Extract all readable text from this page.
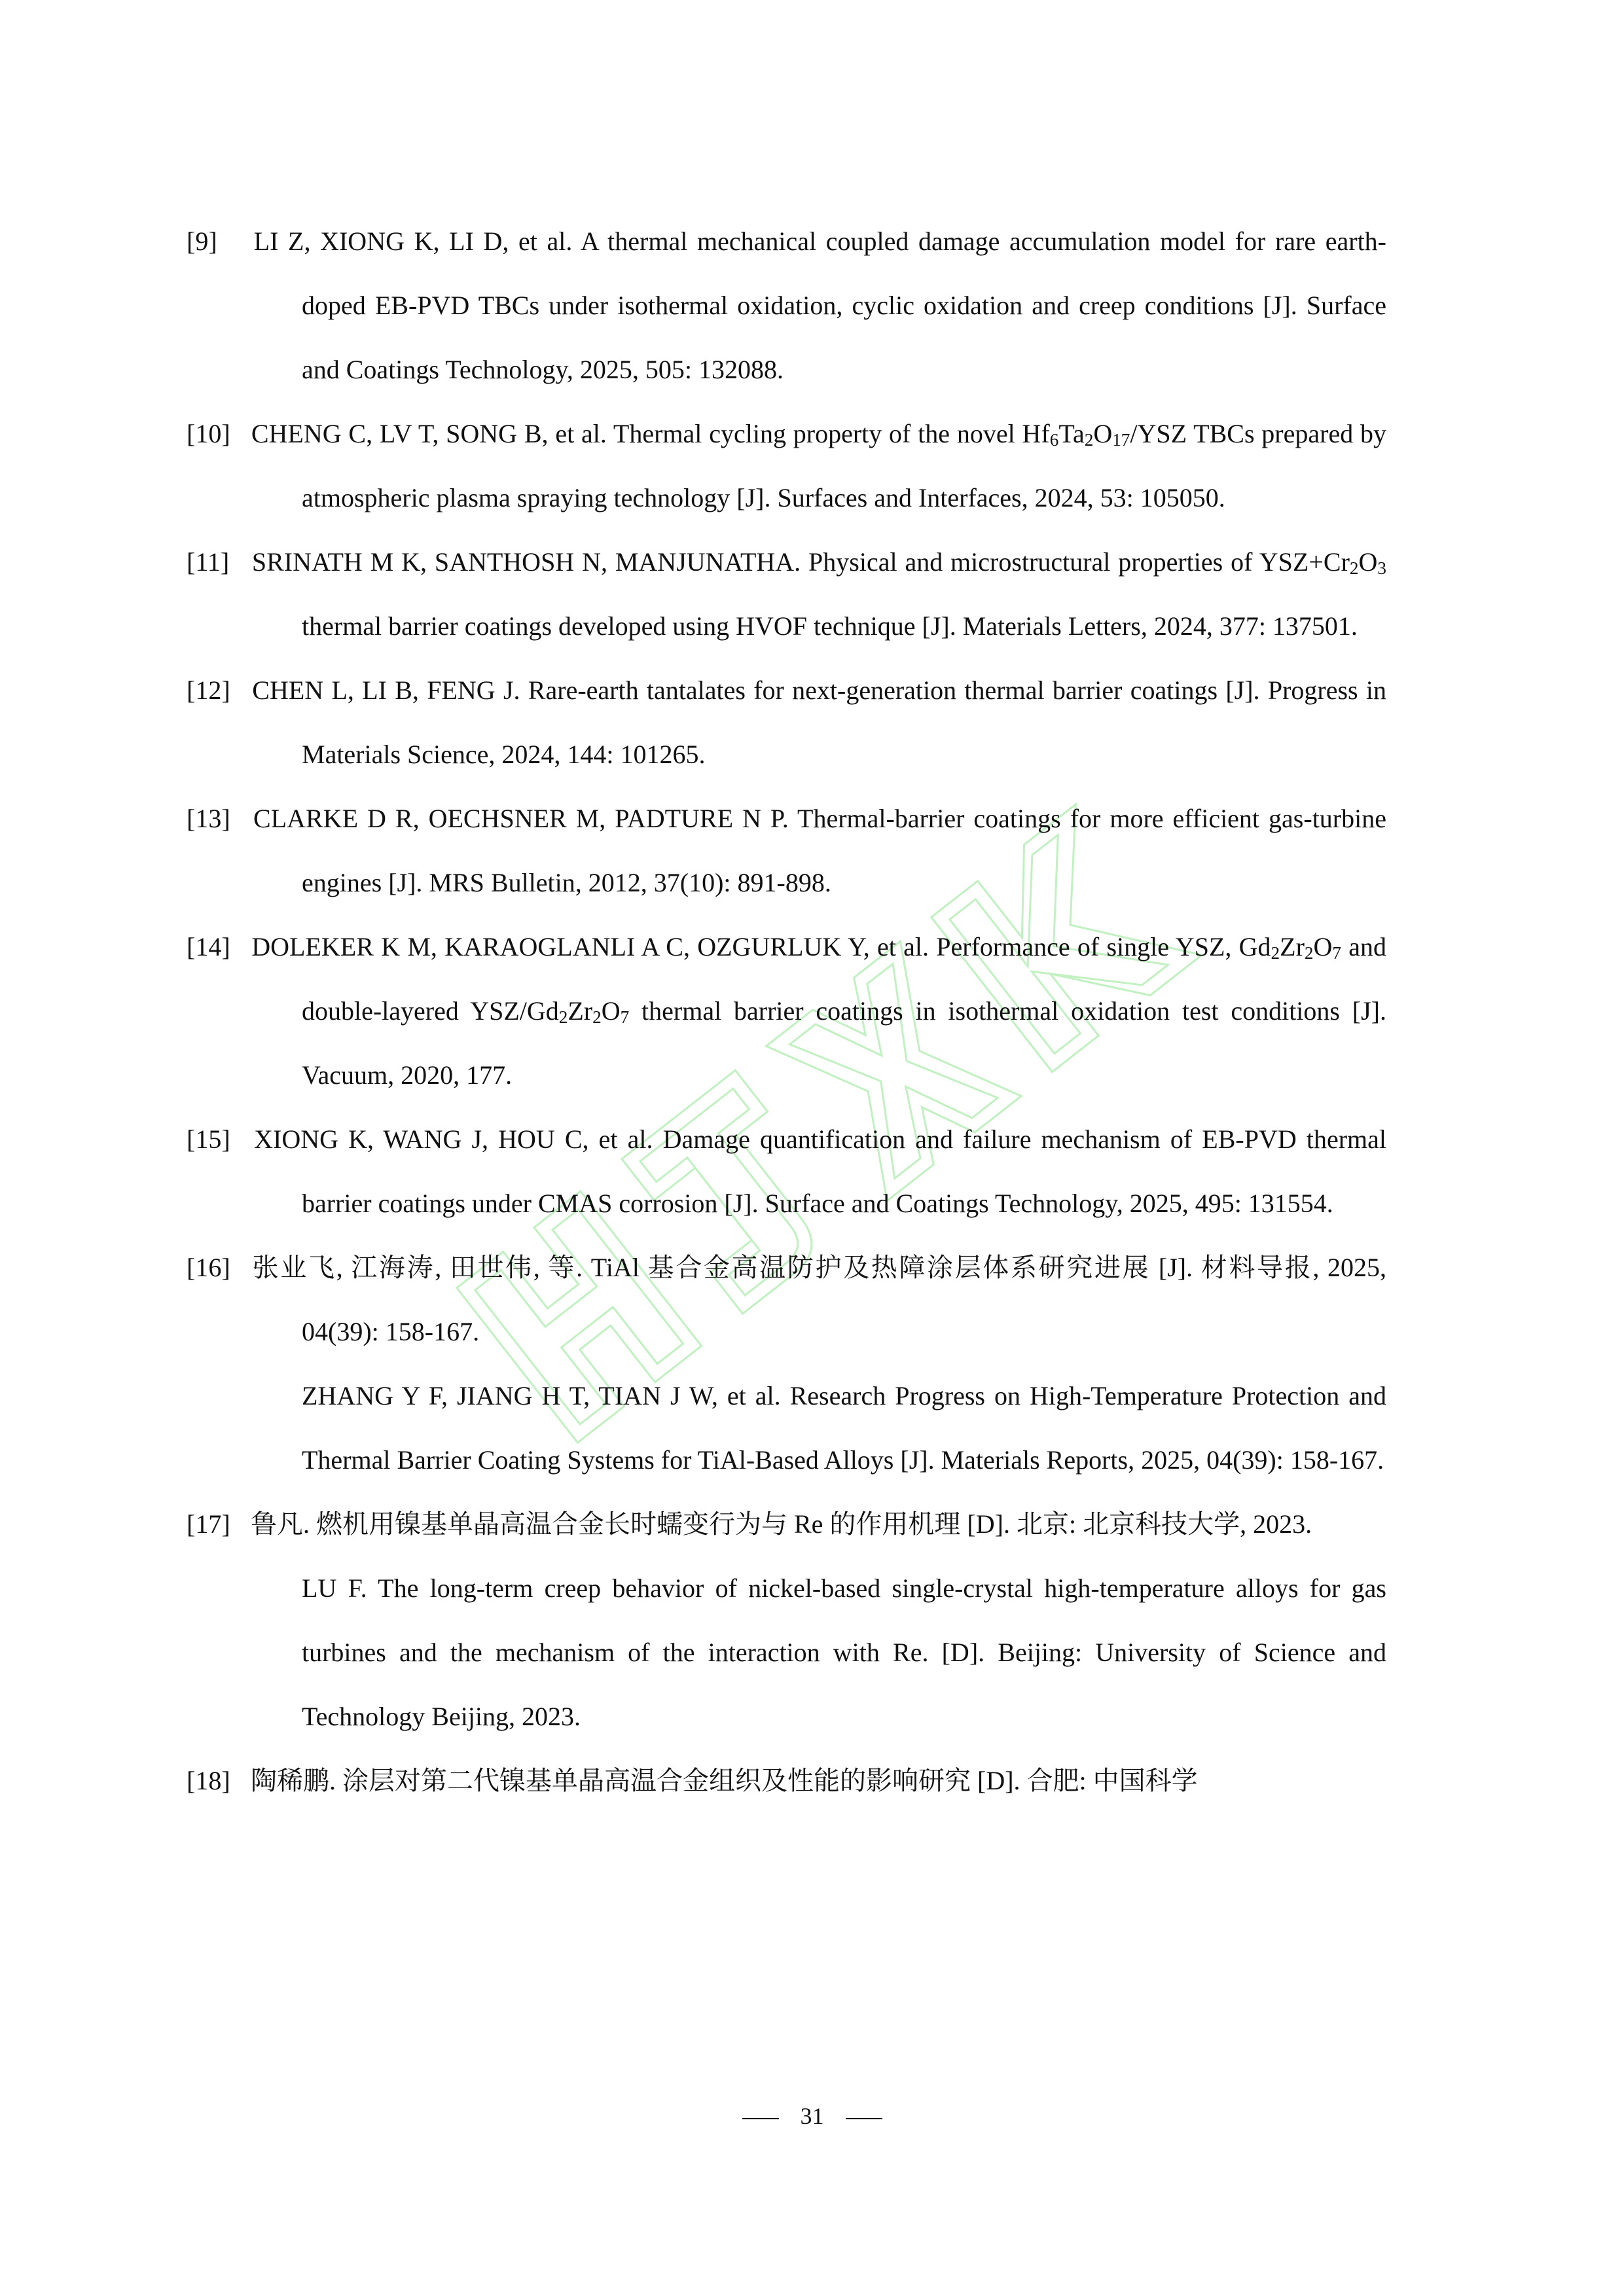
[9] LI Z, XIONG K, LI D, et al. A thermal mechanical coupled damage accumulation model for rare earth-doped EB-PVD TBCs under isothermal oxidation, cyclic oxidation and creep conditions [J]. Surface and Coatings Technology, 2025, 505: 132088.

[10] CHENG C, LV T, SONG B, et al. Thermal cycling property of the novel $Hf_6Ta_2O_{17}$/YSZ TBCs prepared by atmospheric plasma spraying technology [J]. Surfaces and Interfaces, 2024, 53: 105050.

[11] SRINATH M K, SANTHOSH N, MANJUNATHA. Physical and microstructural properties of $YSZ+Cr_2O_3$ thermal barrier coatings developed using HVOF technique [J]. Materials Letters, 2024, 377: 137501.

[12] CHEN L, LI B, FENG J. Rare-earth tantalates for next-generation thermal barrier coatings [J]. Progress in Materials Science, 2024, 144: 101265.

[13] CLARKE D R, OECHSNER M, PADTURE N P. Thermal-barrier coatings for more efficient gas-turbine engines [J]. MRS Bulletin, 2012, 37(10): 891-898.

[14] DOLEKER K M, KARAOGLANLI A C, OZGURLUK Y, et al. Performance of single YSZ, $Gd_2Zr_2O_7$ and double-layered YSZ/$Gd_2Zr_2O_7$ thermal barrier coatings in isothermal oxidation test conditions [J]. Vacuum, 2020, 177.

[15] XIONG K, WANG J, HOU C, et al. Damage quantification and failure mechanism of EB-PVD thermal barrier coatings under CMAS corrosion [J]. Surface and Coatings Technology, 2025, 495: 131554.

[16] 张业飞, 江海涛, 田世伟, 等. TiAl 基合金高温防护及热障涂层体系研究进展 [J]. 材料导报, 2025, 04(39): 158-167.
ZHANG Y F, JIANG H T, TIAN J W, et al. Research Progress on High-Temperature Protection and Thermal Barrier Coating Systems for TiAl-Based Alloys [J]. Materials Reports, 2025, 04(39): 158-167.

[17] 鲁凡. 燃机用镍基单晶高温合金长时蠕变行为与 Re 的作用机理 [D]. 北京: 北京科技大学, 2023.
LU F. The long-term creep behavior of nickel-based single-crystal high-temperature alloys for gas turbines and the mechanism of the interaction with Re. [D]. Beijing: University of Science and Technology Beijing, 2023.

[18] 陶稀鹏. 涂层对第二代镍基单晶高温合金组织及性能的影响研究 [D]. 合肥: 中国科学

31
